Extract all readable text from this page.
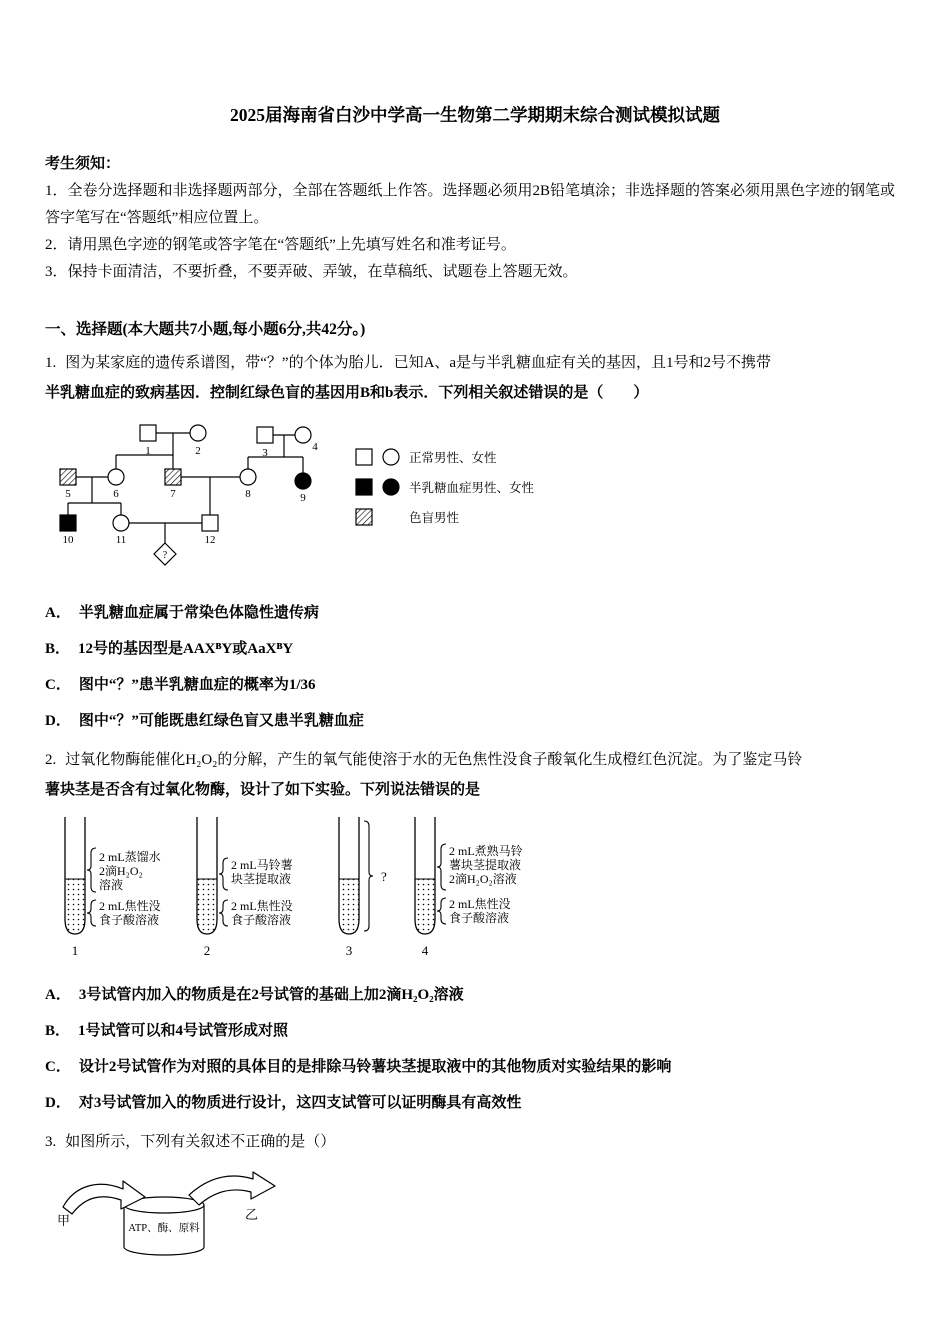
2025届海南省白沙中学高一生物第二学期期末综合测试模拟试题

考生须知：

1．全卷分选择题和非选择题两部分，全部在答题纸上作答。选择题必须用2B铅笔填涂；非选择题的答案必须用黑色字迹的钢笔或答字笔写在“答题纸”相应位置上。

2．请用黑色字迹的钢笔或答字笔在“答题纸”上先填写姓名和准考证号。

3．保持卡面清洁，不要折叠，不要弄破、弄皱，在草稿纸、试题卷上答题无效。

一、选择题(本大题共7小题,每小题6分,共42分。)

1. 图为某家庭的遗传系谱图，带“？”的个体为胎儿．已知A、a是与半乳糖血症有关的基因，且1号和2号不携带

半乳糖血症的致病基因．控制红绿色盲的基因用B和b表示．下列相关叙述错误的是（　　）

1	2	3	4
5	6	7	8	9
10	11	12
?
正常男性、女性
半乳糖血症男性、女性
色盲男性

A． 半乳糖血症属于常染色体隐性遗传病

B． 12号的基因型是AAXᴮY或AaXᴮY

C． 图中“？”患半乳糖血症的概率为1/36

D． 图中“？”可能既患红绿色盲又患半乳糖血症

2. 过氧化物酶能催化H₂O₂的分解，产生的氧气能使溶于水的无色焦性没食子酸氧化生成橙红色沉淀。为了鉴定马铃

薯块茎是否含有过氧化物酶，设计了如下实验。下列说法错误的是

2 mL蒸馏水
2滴H₂O₂
溶液
2 mL焦性没
食子酸溶液
1
2 mL马铃薯
块茎提取液
2 mL焦性没
食子酸溶液
2
?
3
2 mL煮熟马铃
薯块茎提取液
2滴H₂O₂溶液
2 mL焦性没
食子酸溶液
4

A． 3号试管内加入的物质是在2号试管的基础上加2滴H₂O₂溶液

B． 1号试管可以和4号试管形成对照

C． 设计2号试管作为对照的具体目的是排除马铃薯块茎提取液中的其他物质对实验结果的影响

D． 对3号试管加入的物质进行设计，这四支试管可以证明酶具有高效性

3. 如图所示，下列有关叙述不正确的是（）

ATP、酶、原料
甲	乙
